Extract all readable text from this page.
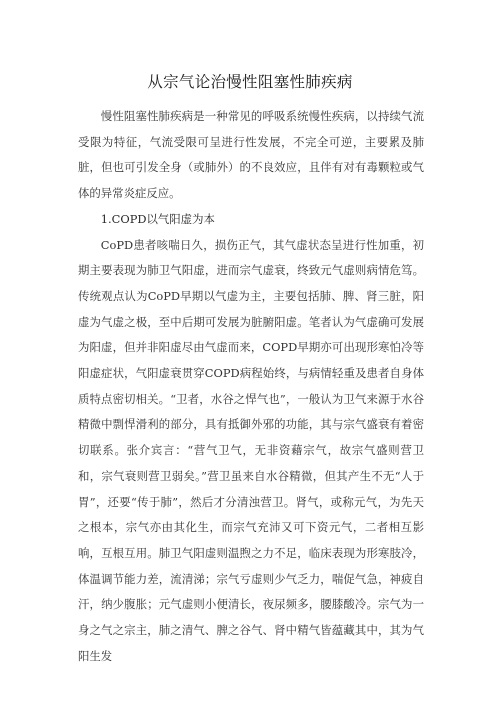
从宗气论治慢性阻塞性肺疾病

慢性阻塞性肺疾病是一种常见的呼吸系统慢性疾病，以持续气流受限为特征，气流受限可呈进行性发展，不完全可逆，主要累及肺脏，但也可引发全身（或肺外）的不良效应，且伴有对有毒颗粒或气体的异常炎症反应。

1.COPD以气阳虚为本

CoPD患者咳喘日久，损伤正气，其气虚状态呈进行性加重，初期主要表现为肺卫气阳虚，进而宗气虚衰，终致元气虚则病情危笃。传统观点认为CoPD早期以气虚为主，主要包括肺、脾、肾三脏，阳虚为气虚之极，至中后期可发展为脏腑阳虚。笔者认为气虚确可发展为阳虚，但并非阳虚尽由气虚而来，COPD早期亦可出现形寒怕冷等阳虚症状，气阳虚衰贯穿COPD病程始终，与病情轻重及患者自身体质特点密切相关。“卫者，水谷之悍气也”，一般认为卫气来源于水谷精微中剽悍滑利的部分，具有抵御外邪的功能，其与宗气盛衰有着密切联系。张介宾言：“营气卫气，无非资藉宗气，故宗气盛则营卫和，宗气衰则营卫弱矣。”营卫虽来自水谷精微，但其产生不无“人于胃”，还要“传于肺”，然后才分清浊营卫。肾气，或称元气，为先天之根本，宗气亦由其化生，而宗气充沛又可下资元气，二者相互影响，互根互用。肺卫气阳虚则温煦之力不足，临床表现为形寒肢冷，体温调节能力差，流清涕；宗气亏虚则少气乏力，喘促气急，神疲自汗，纳少腹胀；元气虚则小便清长，夜尿频多，腰膝酸冷。宗气为一身之气之宗主，肺之清气、脾之谷气、肾中精气皆蕴藏其中，其为气阳生发
